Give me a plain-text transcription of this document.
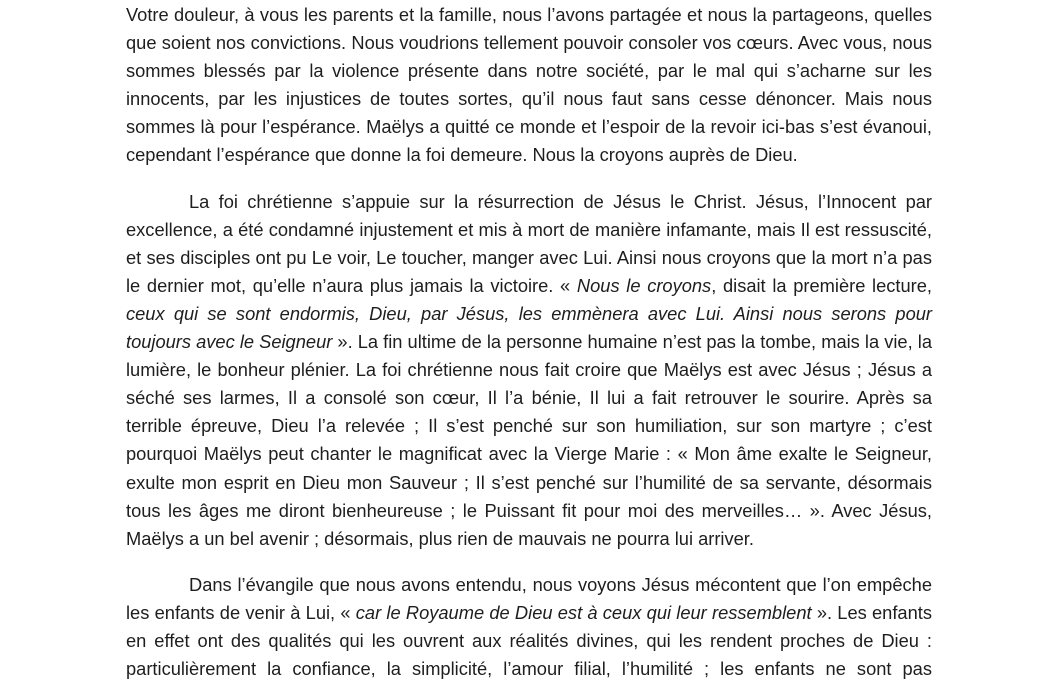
Votre douleur, à vous les parents et la famille, nous l’avons partagée et nous la partageons, quelles que soient nos convictions. Nous voudrions tellement pouvoir consoler vos cœurs. Avec vous, nous sommes blessés par la violence présente dans notre société, par le mal qui s’acharne sur les innocents, par les injustices de toutes sortes, qu’il nous faut sans cesse dénoncer. Mais nous sommes là pour l’espérance. Maëlys a quitté ce monde et l’espoir de la revoir ici-bas s’est évanoui, cependant l’espérance que donne la foi demeure. Nous la croyons auprès de Dieu.

La foi chrétienne s’appuie sur la résurrection de Jésus le Christ. Jésus, l’Innocent par excellence, a été condamné injustement et mis à mort de manière infamante, mais Il est ressuscité, et ses disciples ont pu Le voir, Le toucher, manger avec Lui. Ainsi nous croyons que la mort n’a pas le dernier mot, qu’elle n’aura plus jamais la victoire. « Nous le croyons, disait la première lecture, ceux qui se sont endormis, Dieu, par Jésus, les emmènera avec Lui. Ainsi nous serons pour toujours avec le Seigneur ». La fin ultime de la personne humaine n’est pas la tombe, mais la vie, la lumière, le bonheur plénier. La foi chrétienne nous fait croire que Maëlys est avec Jésus ; Jésus a séché ses larmes, Il a consolé son cœur, Il l’a bénie, Il lui a fait retrouver le sourire. Après sa terrible épreuve, Dieu l’a relevée ; Il s’est penché sur son humiliation, sur son martyre ; c’est pourquoi Maëlys peut chanter le magnificat avec la Vierge Marie : « Mon âme exalte le Seigneur, exulte mon esprit en Dieu mon Sauveur ; Il s’est penché sur l’humilité de sa servante, désormais tous les âges me diront bienheureuse ; le Puissant fit pour moi des merveilles… ». Avec Jésus, Maëlys a un bel avenir ; désormais, plus rien de mauvais ne pourra lui arriver.

Dans l’évangile que nous avons entendu, nous voyons Jésus mécontent que l’on empêche les enfants de venir à Lui, « car le Royaume de Dieu est à ceux qui leur ressemblent ». Les enfants en effet ont des qualités qui les ouvrent aux réalités divines, qui les rendent proches de Dieu : particulièrement la confiance, la simplicité, l’amour filial, l’humilité ; les enfants ne sont pas
